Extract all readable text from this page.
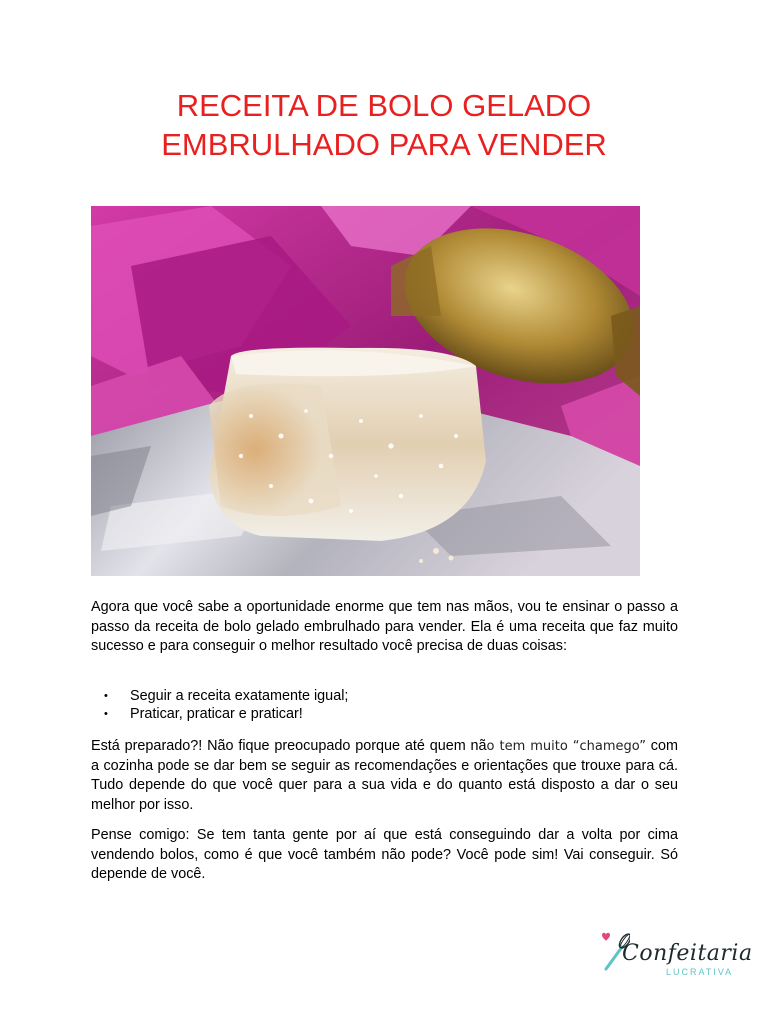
RECEITA DE BOLO GELADO
EMBRULHADO PARA VENDER
Agora que você sabe a oportunidade enorme que tem nas mãos, vou te ensinar o passo a passo da receita de bolo gelado embrulhado para vender. Ela é uma receita que faz muito sucesso e para conseguir o melhor resultado você precisa de duas coisas:
• Seguir a receita exatamente igual;
• Praticar, praticar e praticar!
Está preparado?! Não fique preocupado porque até quem não tem muito “chamego” com a cozinha pode se dar bem se seguir as recomendações e orientações que trouxe para cá. Tudo depende do que você quer para a sua vida e do quanto está disposto a dar o seu melhor por isso.
Pense comigo: Se tem tanta gente por aí que está conseguindo dar a volta por cima vendendo bolos, como é que você também não pode? Você pode sim! Vai conseguir. Só depende de você.
Confeitaria
LUCRATIVA
